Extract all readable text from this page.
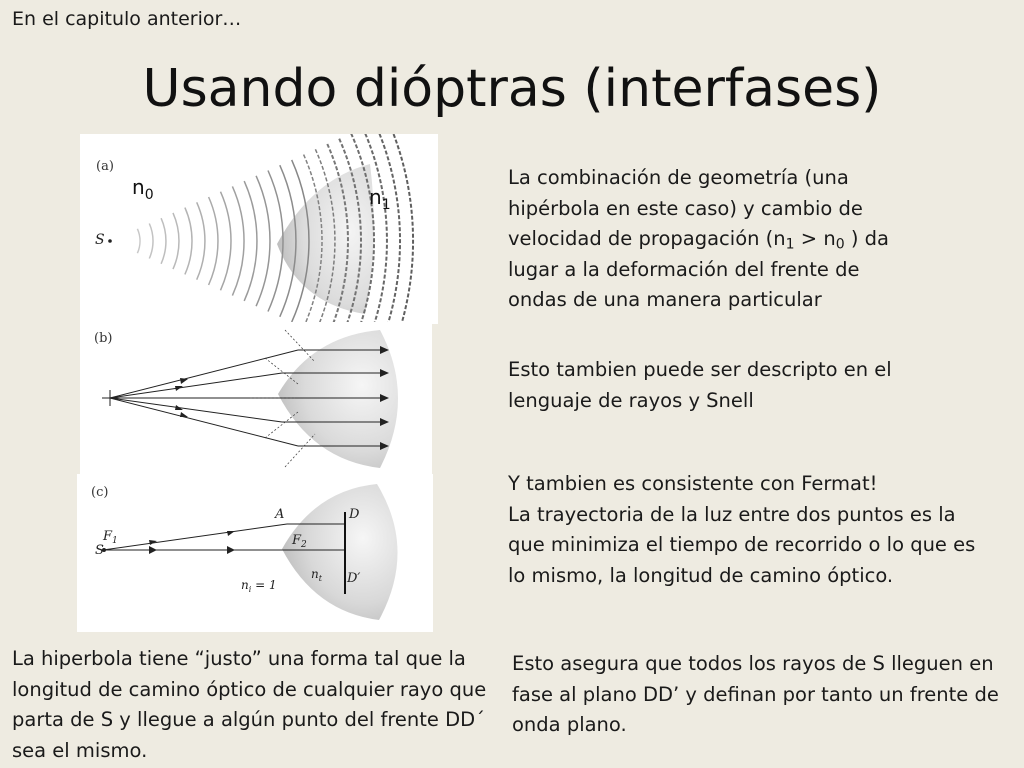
En el capitulo anterior…
Usando dióptras (interfases)
(a)
S
$n_0$	$n_1$
(b)
(c)
S
$F_1$
A	D
$F_2$
D′
$n_i = 1$
$n_t$
La combinación de geometría (una
hipérbola en este caso) y cambio de
velocidad de propagación ($n_1 > n_0$ ) da
lugar a la deformación del frente de
ondas de una manera particular
Esto tambien puede ser descripto en el lenguaje de rayos y Snell
Y tambien es consistente con Fermat!
La trayectoria de la luz entre dos puntos es la que minimiza el tiempo de recorrido o lo que es lo mismo, la longitud de camino óptico.
Esto asegura que todos los rayos de S lleguen en fase al plano DD’ y definan por tanto un frente de onda plano.
La hiperbola tiene “justo” una forma tal que la longitud de camino óptico de cualquier rayo que parta de S y llegue a algún punto del frente DD´ sea el mismo.
